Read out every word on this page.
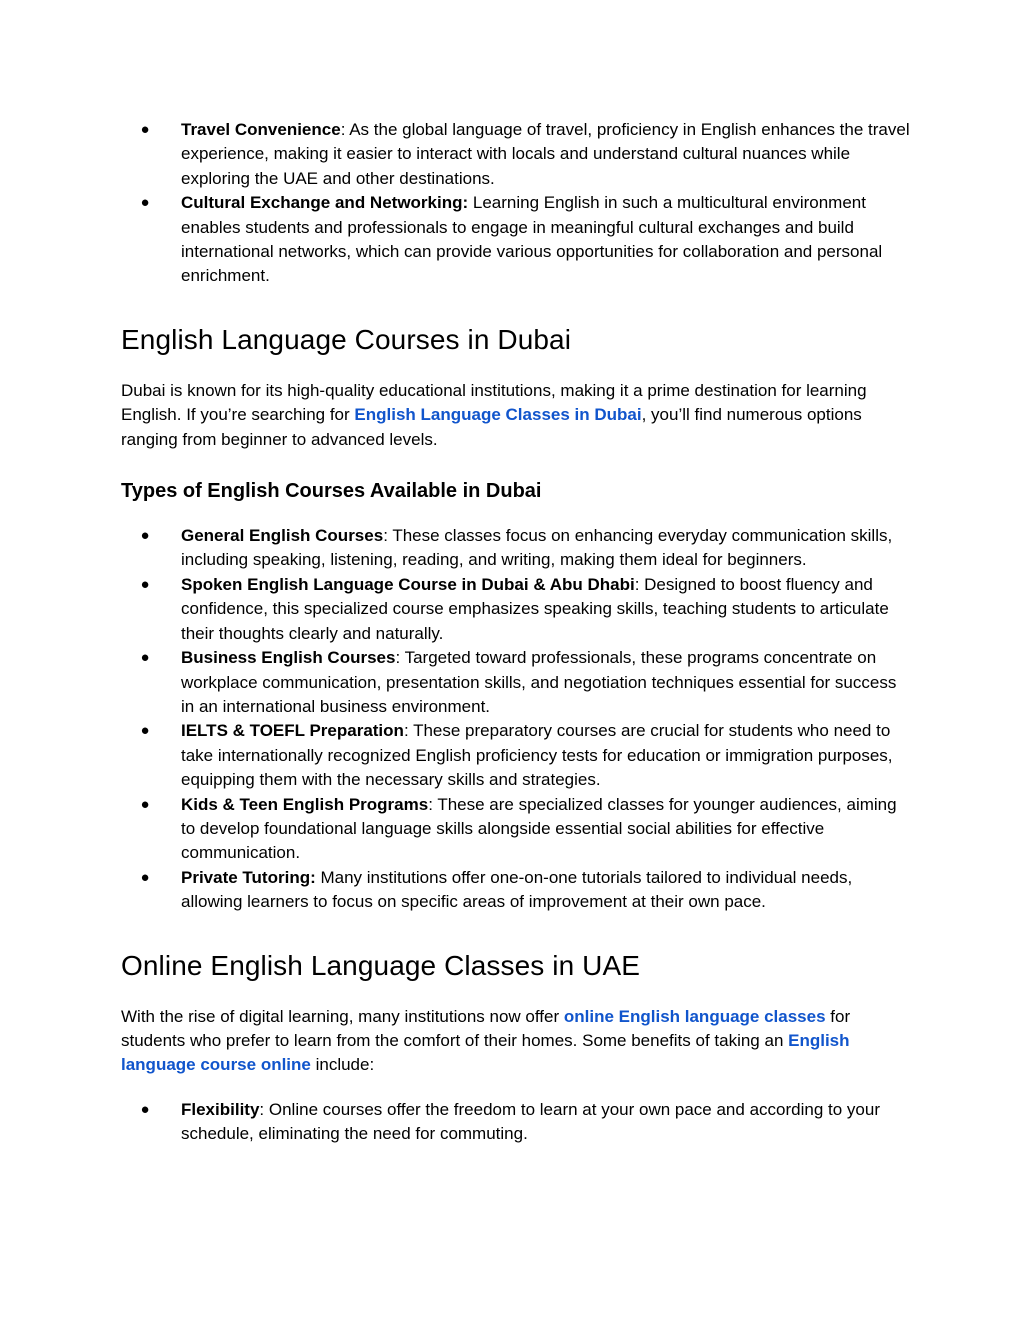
● Travel Convenience: As the global language of travel, proficiency in English enhances the travel experience, making it easier to interact with locals and understand cultural nuances while exploring the UAE and other destinations.
● Cultural Exchange and Networking: Learning English in such a multicultural environment enables students and professionals to engage in meaningful cultural exchanges and build international networks, which can provide various opportunities for collaboration and personal enrichment.
English Language Courses in Dubai

Dubai is known for its high-quality educational institutions, making it a prime destination for learning English. If you’re searching for English Language Classes in Dubai, you’ll find numerous options ranging from beginner to advanced levels.

Types of English Courses Available in Dubai
● General English Courses: These classes focus on enhancing everyday communication skills, including speaking, listening, reading, and writing, making them ideal for beginners.
● Spoken English Language Course in Dubai & Abu Dhabi: Designed to boost fluency and confidence, this specialized course emphasizes speaking skills, teaching students to articulate their thoughts clearly and naturally.
● Business English Courses: Targeted toward professionals, these programs concentrate on workplace communication, presentation skills, and negotiation techniques essential for success in an international business environment.
● IELTS & TOEFL Preparation: These preparatory courses are crucial for students who need to take internationally recognized English proficiency tests for education or immigration purposes, equipping them with the necessary skills and strategies.
● Kids & Teen English Programs: These are specialized classes for younger audiences, aiming to develop foundational language skills alongside essential social abilities for effective communication.
● Private Tutoring: Many institutions offer one-on-one tutorials tailored to individual needs, allowing learners to focus on specific areas of improvement at their own pace.
Online English Language Classes in UAE

With the rise of digital learning, many institutions now offer online English language classes for students who prefer to learn from the comfort of their homes. Some benefits of taking an English language course online include:

● Flexibility: Online courses offer the freedom to learn at your own pace and according to your schedule, eliminating the need for commuting.
